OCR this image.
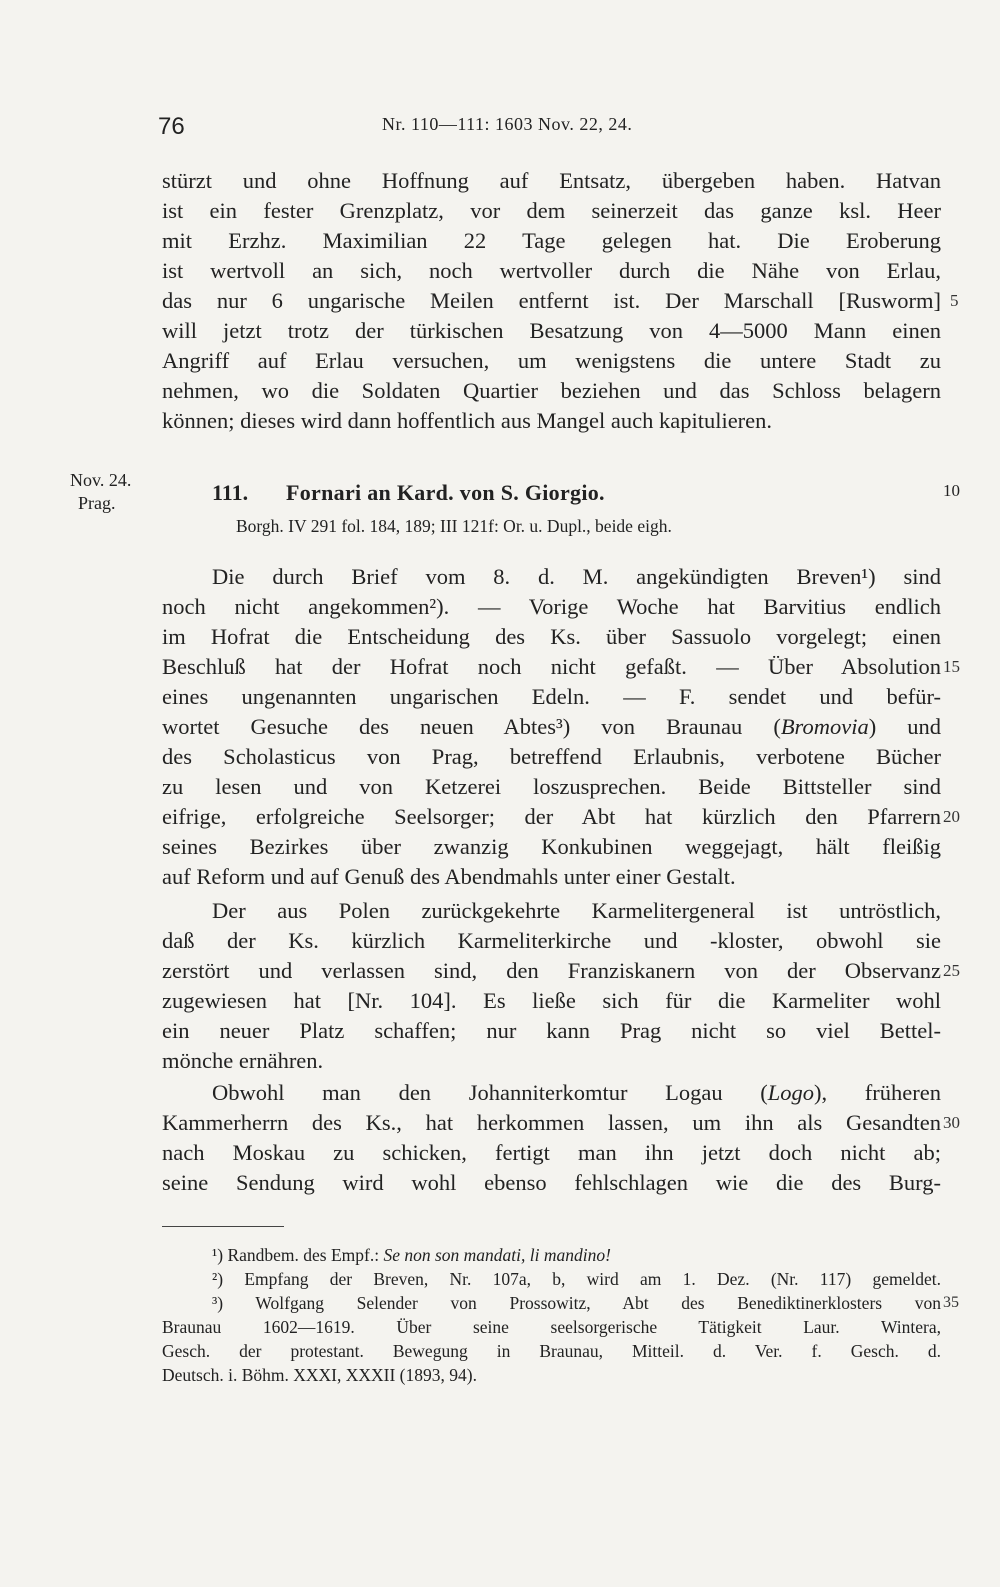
76	Nr. 110—111: 1603 Nov. 22, 24.
stürzt und ohne Hoffnung auf Entsatz, übergeben haben. Hatvan
ist ein fester Grenzplatz, vor dem seinerzeit das ganze ksl. Heer
mit Erzhz. Maximilian 22 Tage gelegen hat. Die Eroberung
ist wertvoll an sich, noch wertvoller durch die Nähe von Erlau,
das nur 6 ungarische Meilen entfernt ist. Der Marschall [Rusworm] 5
will jetzt trotz der türkischen Besatzung von 4—5000 Mann einen
Angriff auf Erlau versuchen, um wenigstens die untere Stadt zu
nehmen, wo die Soldaten Quartier beziehen und das Schloss belagern
können; dieses wird dann hoffentlich aus Mangel auch kapitulieren.
Nov. 24.
Prag.	111. Fornari an Kard. von S. Giorgio.	10
Borgh. IV 291 fol. 184, 189; III 121f: Or. u. Dupl., beide eigh.
Die durch Brief vom 8. d. M. angekündigten Breven¹) sind
noch nicht angekommen²). — Vorige Woche hat Barvitius endlich
im Hofrat die Entscheidung des Ks. über Sassuolo vorgelegt; einen
Beschluß hat der Hofrat noch nicht gefaßt. — Über Absolution 15
eines ungenannten ungarischen Edeln. — F. sendet und befür-
wortet Gesuche des neuen Abtes³) von Braunau (Bromovia) und
des Scholasticus von Prag, betreffend Erlaubnis, verbotene Bücher
zu lesen und von Ketzerei loszusprechen. Beide Bittsteller sind
eifrige, erfolgreiche Seelsorger; der Abt hat kürzlich den Pfarrern 20
seines Bezirkes über zwanzig Konkubinen weggejagt, hält fleißig
auf Reform und auf Genuß des Abendmahls unter einer Gestalt.
Der aus Polen zurückgekehrte Karmelitergeneral ist untröstlich,
daß der Ks. kürzlich Karmeliterkirche und -kloster, obwohl sie
zerstört und verlassen sind, den Franziskanern von der Observanz 25
zugewiesen hat [Nr. 104]. Es ließe sich für die Karmeliter wohl
ein neuer Platz schaffen; nur kann Prag nicht so viel Bettel-
mönche ernähren.
Obwohl man den Johanniterkomtur Logau (Logo), früheren
Kammerherrn des Ks., hat herkommen lassen, um ihn als Gesandten 30
nach Moskau zu schicken, fertigt man ihn jetzt doch nicht ab;
seine Sendung wird wohl ebenso fehlschlagen wie die des Burg-
¹) Randbem. des Empf.: Se non son mandati, li mandino!
²) Empfang der Breven, Nr. 107a, b, wird am 1. Dez. (Nr. 117) gemeldet.
³) Wolfgang Selender von Prossowitz, Abt des Benediktinerklosters von 35
Braunau 1602—1619. Über seine seelsorgerische Tätigkeit Laur. Wintera,
Gesch. der protestant. Bewegung in Braunau, Mitteil. d. Ver. f. Gesch. d.
Deutsch. i. Böhm. XXXI, XXXII (1893, 94).
